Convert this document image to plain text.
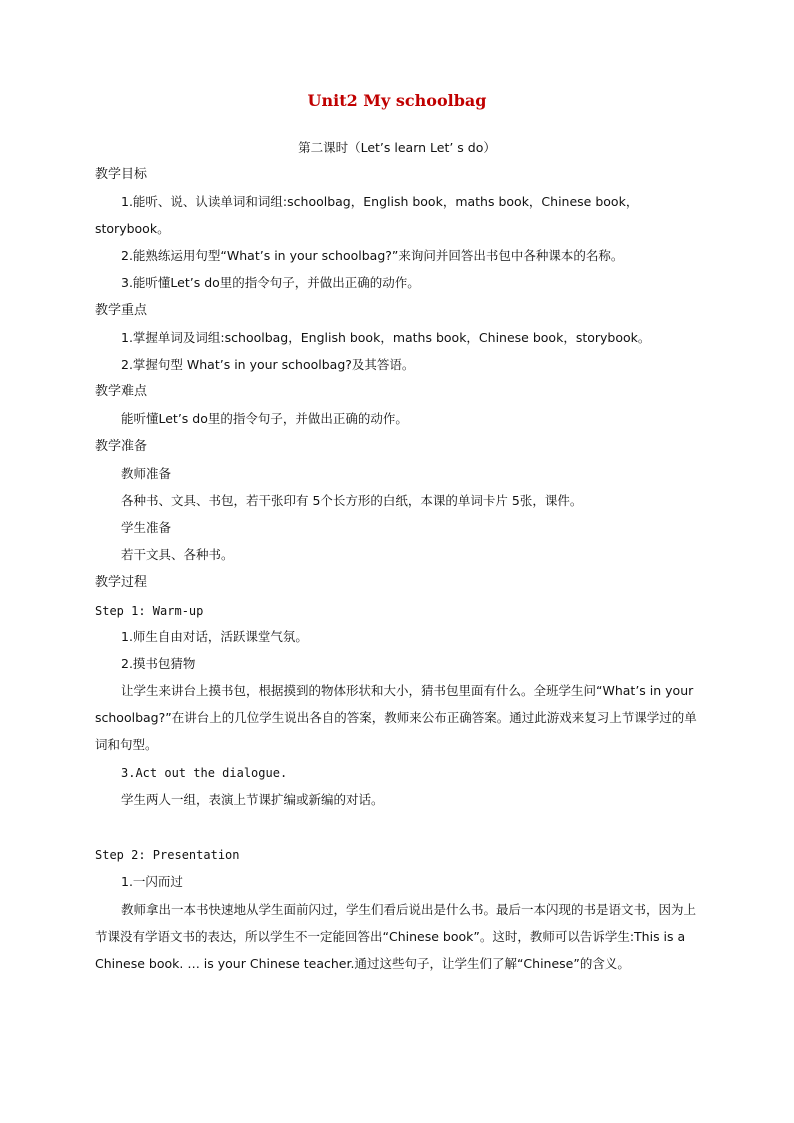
Unit2 My schoolbag
第二课时（Let’s learn Let’ s do）
教学目标
1.能听、说、认读单词和词组:schoolbag，English book，maths book，Chinese book，
storybook。
2.能熟练运用句型“What’s in your schoolbag?”来询问并回答出书包中各种课本的名称。
3.能听懂Let’s do里的指令句子，并做出正确的动作。
教学重点
1.掌握单词及词组:schoolbag，English book，maths book，Chinese book，storybook。
2.掌握句型 What’s in your schoolbag?及其答语。
教学难点
能听懂Let’s do里的指令句子，并做出正确的动作。
教学准备
教师准备
各种书、文具、书包，若干张印有 5个长方形的白纸，本课的单词卡片 5张，课件。
学生准备
若干文具、各种书。
教学过程
Step 1: Warm-up
1.师生自由对话，活跃课堂气氛。
2.摸书包猜物
让学生来讲台上摸书包，根据摸到的物体形状和大小，猜书包里面有什么。全班学生问“What’s in your schoolbag?”在讲台上的几位学生说出各自的答案，教师来公布正确答案。通过此游戏来复习上节课学过的单词和句型。
3.Act out the dialogue.
学生两人一组，表演上节课扩编或新编的对话。
Step 2: Presentation
1.一闪而过
教师拿出一本书快速地从学生面前闪过，学生们看后说出是什么书。最后一本闪现的书是语文书，因为上节课没有学语文书的表达，所以学生不一定能回答出“Chinese book”。这时，教师可以告诉学生:This is a Chinese book. … is your Chinese teacher.通过这些句子，让学生们了解“Chinese”的含义。
